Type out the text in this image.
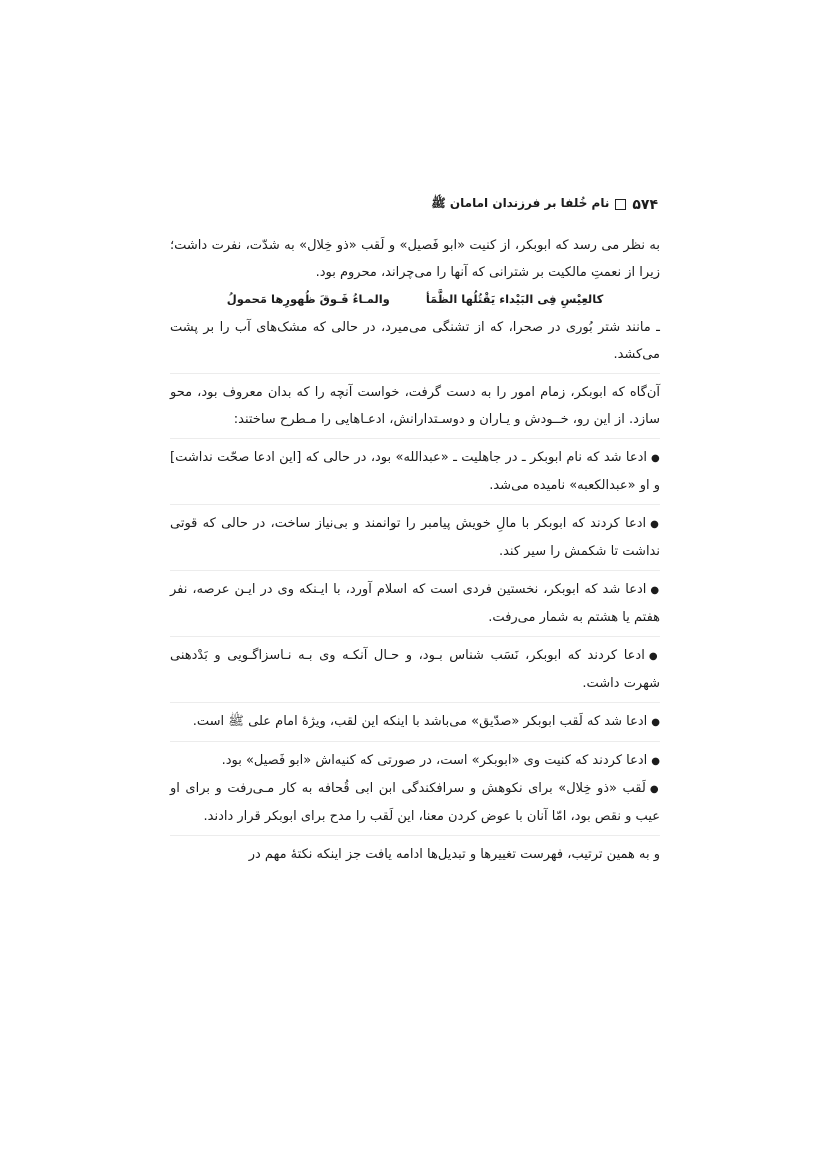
۵۷۴
نام خُلفا بر فرزندان امامان ﷺ

به نظر می رسد که ابوبکر، از کنیت «ابو فَصیل» و لَقب «ذو خِلال» به شدّت، نفرت داشت؛ زیرا از نعمتِ مالکیت بر شترانی که آنها را می‌چراند، محروم بود.

کالعِیْسِ فِی البَیْداء یَقْتُلُها الظَّمَأ
والمـاءُ فَـوقَ ظُهورِها مَحمولُ

ـ مانند شتر بُوری در صحرا، که از تشنگی می‌میرد، در حالی که مشک‌های آب را بر پشت می‌کشد.

آن‌گاه که ابوبکر، زمام امور را به دست گرفت، خواست آنچه را که بدان معروف بود، محو سازد. از این رو، خــودش و یـاران و دوسـتدارانش، ادعـاهایی را مـطرح ساختند:

●ادعا شد که نام ابوبکر ـ در جاهلیت ـ «عبدالله» بود، در حالی که [این ادعا صحّت نداشت] و او «عبدالکعبه» نامیده می‌شد.

●ادعا کردند که ابوبکر با مالِ خویش پیامبر را توانمند و بی‌نیاز ساخت، در حالی که قوتی نداشت تا شکمش را سیر کند.

●ادعا شد که ابوبکر، نخستین فردی است که اسلام آورد، با ایـنکه وی در ایـن عرصه، نفر هفتم یا هشتم به شمار می‌رفت.

●ادعا کردند که ابوبکر، نَسَب شناس بـود، و حـال آنکـه وی بـه نـاسزاگـویی و بَدْدهنی شهرت داشت.

●ادعا شد که لَقب ابوبکر «صدّیق» می‌باشد با اینکه این لقب، ویژهٔ امام علی ﷺ است.

●ادعا کردند که کنیت وی «ابوبکر» است، در صورتی که کنیه‌اش «ابو فَصیل» بود.

●لَقب «ذو خِلال» برای نکوهش و سرافکندگی ابن ابی قُحافه به کار مـی‌رفت و برای او عیب و نقص بود، امّا آنان با عوض کردن معنا، این لَقب را مدح برای ابوبکر قرار دادند.

و به همین ترتیب، فهرست تغییرها و تبدیل‌ها ادامه یافت جز اینکه نکتهٔ مهم در
